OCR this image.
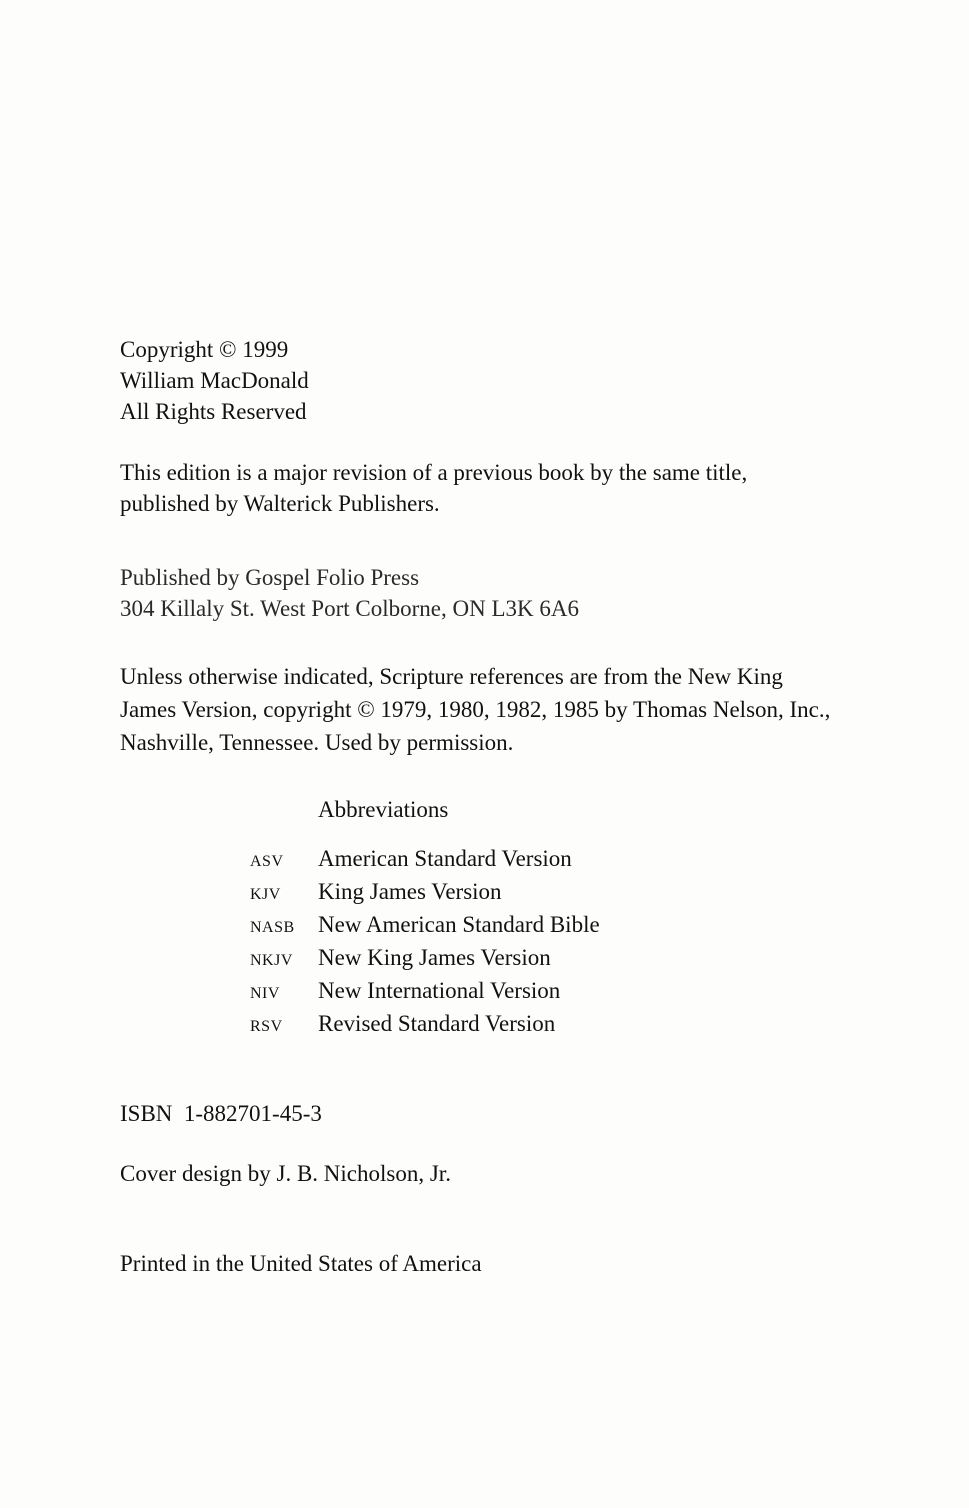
Copyright © 1999
William MacDonald
All Rights Reserved
This edition is a major revision of a previous book by the same title,
published by Walterick Publishers.
Published by Gospel Folio Press
304 Killaly St. West Port Colborne, ON L3K 6A6
Unless otherwise indicated, Scripture references are from the New King
James Version, copyright © 1979, 1980, 1982, 1985 by Thomas Nelson, Inc.,
Nashville, Tennessee. Used by permission.
Abbreviations
ASV	American Standard Version
KJV	King James Version
NASB	New American Standard Bible
NKJV	New King James Version
NIV	New International Version
RSV	Revised Standard Version
ISBN  1-882701-45-3
Cover design by J. B. Nicholson, Jr.
Printed in the United States of America
